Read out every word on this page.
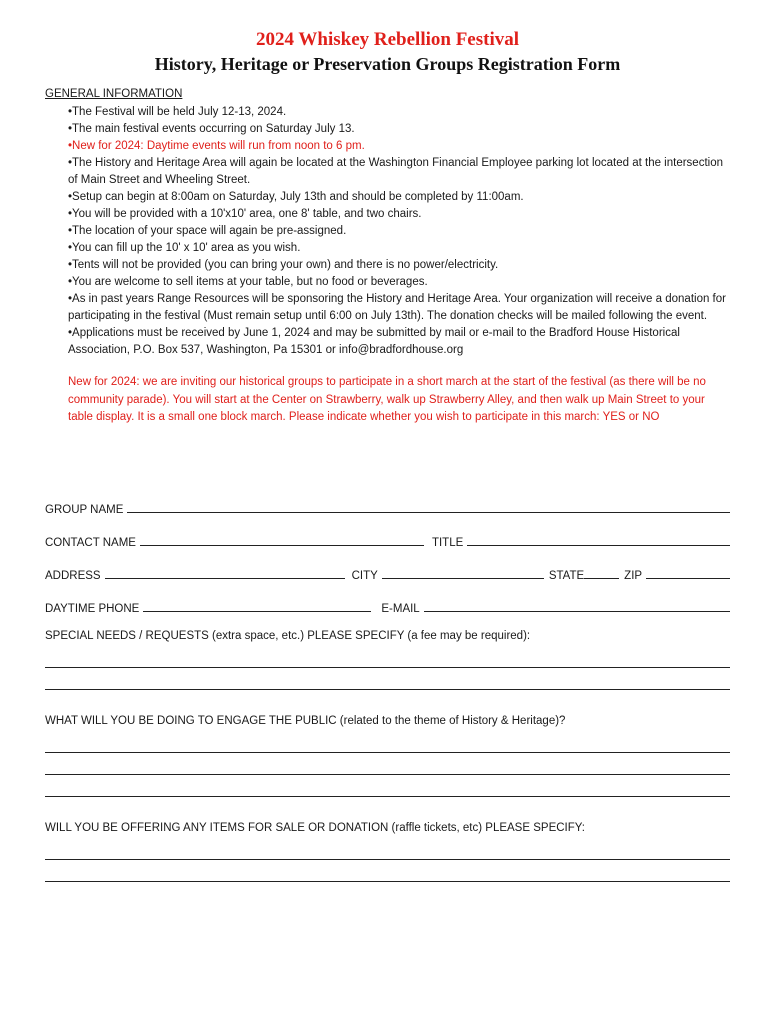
2024 Whiskey Rebellion Festival
History, Heritage or Preservation Groups Registration Form
GENERAL INFORMATION
•The Festival will be held July 12-13, 2024.
•The main festival events occurring on Saturday July 13.
•New for 2024: Daytime events will run from noon to 6 pm.
•The History and Heritage Area will again be located at the Washington Financial Employee parking lot located at the intersection of Main Street and Wheeling Street.
•Setup can begin at 8:00am on Saturday, July 13th and should be completed by 11:00am.
•You will be provided with a 10'x10' area, one 8' table, and two chairs.
•The location of your space will again be pre-assigned.
•You can fill up the 10' x 10' area as you wish.
•Tents will not be provided (you can bring your own) and there is no power/electricity.
•You are welcome to sell items at your table, but no food or beverages.
•As in past years Range Resources will be sponsoring the History and Heritage Area. Your organization will receive a donation for participating in the festival (Must remain setup until 6:00 on July 13th). The donation checks will be mailed following the event.
•Applications must be received by June 1, 2024 and may be submitted by mail or e-mail to the Bradford House Historical Association, P.O. Box 537, Washington, Pa 15301 or info@bradfordhouse.org
New for 2024: we are inviting our historical groups to participate in a short march at the start of the festival (as there will be no community parade). You will start at the Center on Strawberry, walk up Strawberry Alley, and then walk up Main Street to your table display. It is a small one block march. Please indicate whether you wish to participate in this march: YES or NO
GROUP NAME
CONTACT NAME	TITLE
ADDRESS	CITY	STATE	ZIP
DAYTIME PHONE	E-MAIL
SPECIAL NEEDS / REQUESTS (extra space, etc.) PLEASE SPECIFY (a fee may be required):
WHAT WILL YOU BE DOING TO ENGAGE THE PUBLIC (related to the theme of History & Heritage)?
WILL YOU BE OFFERING ANY ITEMS FOR SALE OR DONATION (raffle tickets, etc) PLEASE SPECIFY:
